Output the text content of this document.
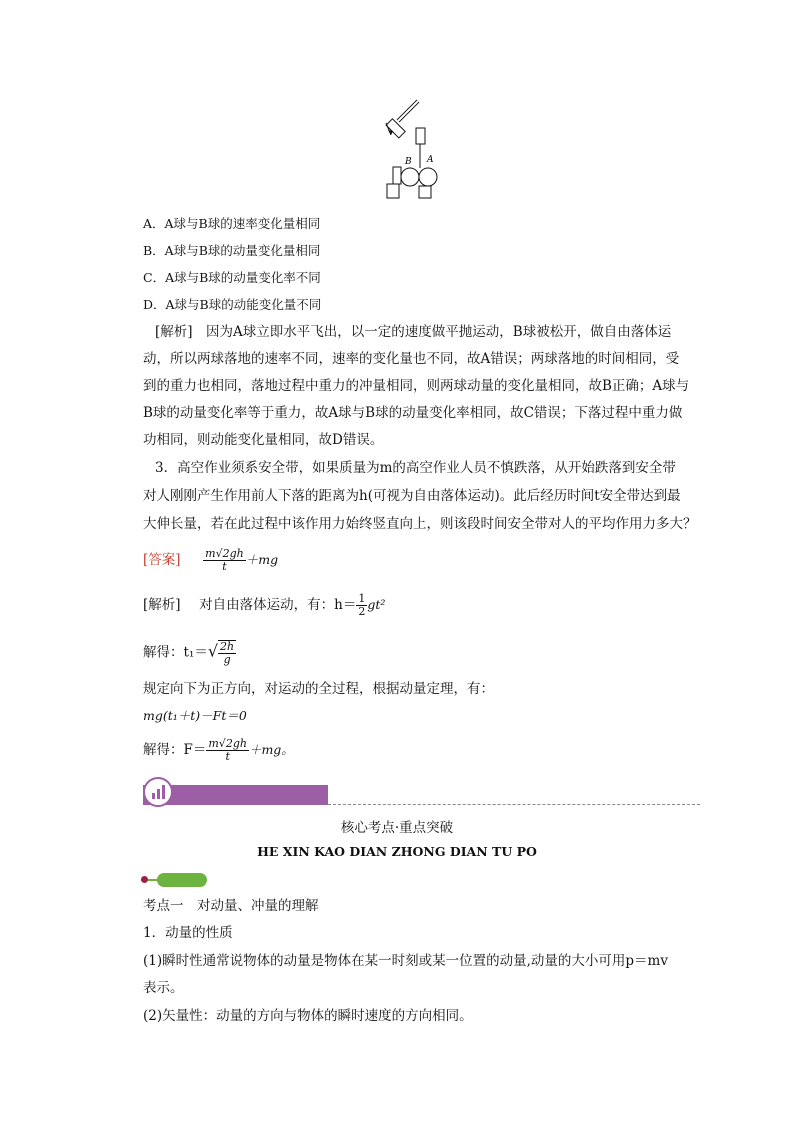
B A
A．A球与B球的速率变化量相同
B．A球与B球的动量变化量相同
C．A球与B球的动量变化率不同
D．A球与B球的动能变化量不同
[解析]　因为A球立即水平飞出，以一定的速度做平抛运动，B球被松开，做自由落体运
动，所以两球落地的速率不同，速率的变化量也不同，故A错误；两球落地的时间相同，受
到的重力也相同，落地过程中重力的冲量相同，则两球动量的变化量相同，故B正确；A球与
B球的动量变化率等于重力，故A球与B球的动量变化率相同，故C错误；下落过程中重力做
功相同，则动能变化量相同，故D错误。
3．高空作业须系安全带，如果质量为m的高空作业人员不慎跌落，从开始跌落到安全带
对人刚刚产生作用前人下落的距离为h(可视为自由落体运动)。此后经历时间t安全带达到最
大伸长量，若在此过程中该作用力始终竖直向上，则该段时间安全带对人的平均作用力多大？
[答案] $\frac{m√2gh}{t} +mg$
[解析] 对自由落体运动，有：$h= \frac{1}{2} gt^2$
解得：$t_1=√ \frac{2h}{g}$
规定向下为正方向，对运动的全过程，根据动量定理，有：
mg(t₁＋t)－Ft＝0
解得：$F= \frac{m√2gh}{t} +mg$。
核心考点·重点突破
HE XIN KAO DIAN ZHONG DIAN TU PO
考点一　对动量、冲量的理解
1．动量的性质
(1)瞬时性通常说物体的动量是物体在某一时刻或某一位置的动量,动量的大小可用p＝mv
表示。
(2)矢量性：动量的方向与物体的瞬时速度的方向相同。
